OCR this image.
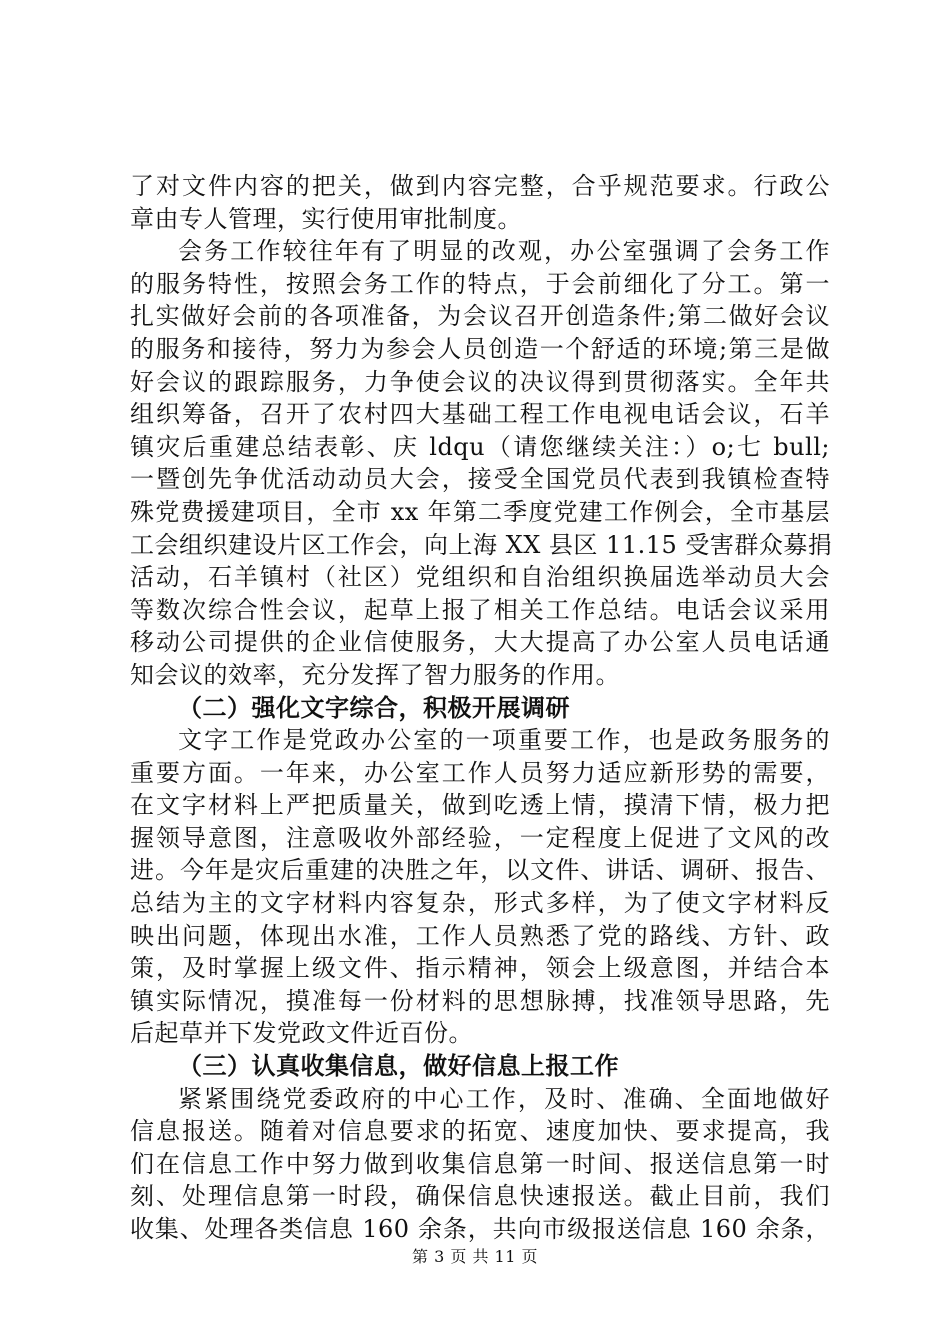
了对文件内容的把关，做到内容完整，合乎规范要求。行政公
章由专人管理，实行使用审批制度。
会务工作较往年有了明显的改观，办公室强调了会务工作
的服务特性，按照会务工作的特点，于会前细化了分工。第一
扎实做好会前的各项准备，为会议召开创造条件;第二做好会议
的服务和接待，努力为参会人员创造一个舒适的环境;第三是做
好会议的跟踪服务，力争使会议的决议得到贯彻落实。全年共
组织筹备，召开了农村四大基础工程工作电视电话会议，石羊
镇灾后重建总结表彰、庆 ldqu（请您继续关注：）o;七 bull;
一暨创先争优活动动员大会，接受全国党员代表到我镇检查特
殊党费援建项目，全市 xx 年第二季度党建工作例会，全市基层
工会组织建设片区工作会，向上海 XX 县区 11.15 受害群众募捐
活动，石羊镇村（社区）党组织和自治组织换届选举动员大会
等数次综合性会议，起草上报了相关工作总结。电话会议采用
移动公司提供的企业信使服务，大大提高了办公室人员电话通
知会议的效率，充分发挥了智力服务的作用。
（二）强化文字综合，积极开展调研
文字工作是党政办公室的一项重要工作，也是政务服务的
重要方面。一年来，办公室工作人员努力适应新形势的需要，
在文字材料上严把质量关，做到吃透上情，摸清下情，极力把
握领导意图，注意吸收外部经验，一定程度上促进了文风的改
进。今年是灾后重建的决胜之年，以文件、讲话、调研、报告、
总结为主的文字材料内容复杂，形式多样，为了使文字材料反
映出问题，体现出水准，工作人员熟悉了党的路线、方针、政
策，及时掌握上级文件、指示精神，领会上级意图，并结合本
镇实际情况，摸准每一份材料的思想脉搏，找准领导思路，先
后起草并下发党政文件近百份。
（三）认真收集信息，做好信息上报工作
紧紧围绕党委政府的中心工作，及时、准确、全面地做好
信息报送。随着对信息要求的拓宽、速度加快、要求提高，我
们在信息工作中努力做到收集信息第一时间、报送信息第一时
刻、处理信息第一时段，确保信息快速报送。截止目前，我们
收集、处理各类信息 160 余条，共向市级报送信息 160 余条，
第 3 页 共 11 页
